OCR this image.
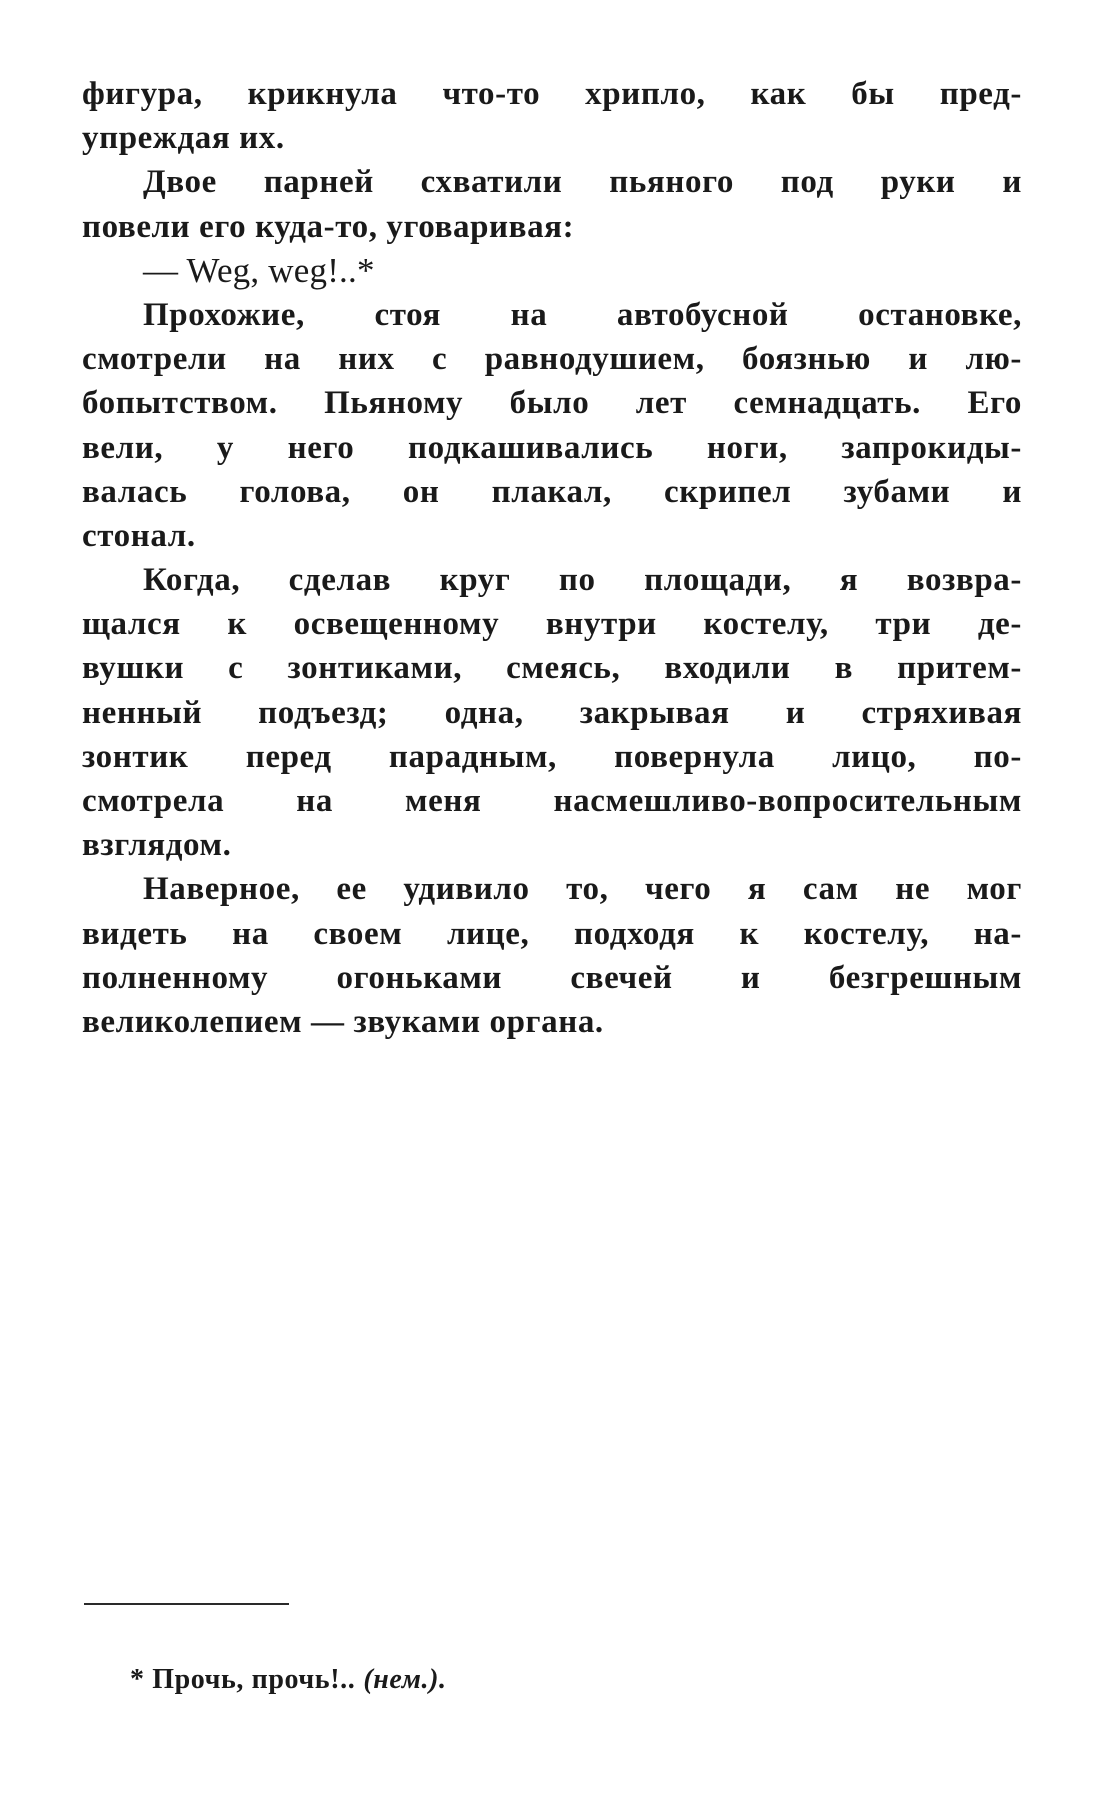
фигура, крикнула что-то хрипло, как бы пред-
упреждая их.
Двое парней схватили пьяного под руки и
повели его куда-то, уговаривая:
— Weg, weg!..*
Прохожие, стоя на автобусной остановке,
смотрели на них с равнодушием, боязнью и лю-
бопытством. Пьяному было лет семнадцать. Его
вели, у него подкашивались ноги, запрокиды-
валась голова, он плакал, скрипел зубами и
стонал.
Когда, сделав круг по площади, я возвра-
щался к освещенному внутри костелу, три де-
вушки с зонтиками, смеясь, входили в притем-
ненный подъезд; одна, закрывая и стряхивая
зонтик перед парадным, повернула лицо, по-
смотрела на меня насмешливо-вопросительным
взглядом.
Наверное, ее удивило то, чего я сам не мог
видеть на своем лице, подходя к костелу, на-
полненному огоньками свечей и безгрешным
великолепием — звуками органа.
* Прочь, прочь!.. (нем.).
